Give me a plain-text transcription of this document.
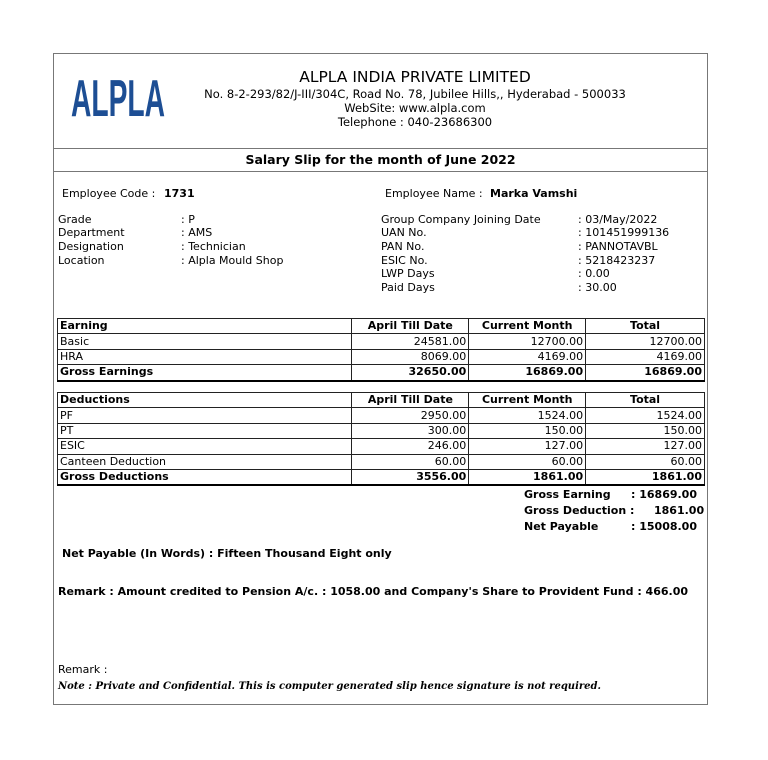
ALPLA	ALPLA INDIA PRIVATE LIMITED
No. 8-2-293/82/J-III/304C, Road No. 78, Jubilee Hills,, Hyderabad - 500033
WebSite: www.alpla.com
Telephone : 040-23686300
Salary Slip for the month of June 2022
Employee Code : 1731	Employee Name : Marka Vamshi
Grade	: P
Department	: AMS
Designation	: Technician
Location	: Alpla Mould Shop
Group Company Joining Date	: 03/May/2022
UAN No.	: 101451999136
PAN No.	: PANNOTAVBL
ESIC No.	: 5218423237
LWP Days	: 0.00
Paid Days	: 30.00
Earning	April Till Date	Current Month	Total
Basic	24581.00	12700.00	12700.00
HRA	8069.00	4169.00	4169.00
Gross Earnings	32650.00	16869.00	16869.00
Deductions	April Till Date	Current Month	Total
PF	2950.00	1524.00	1524.00
PT	300.00	150.00	150.00
ESIC	246.00	127.00	127.00
Canteen Deduction	60.00	60.00	60.00
Gross Deductions	3556.00	1861.00	1861.00
Gross Earning : 16869.00
Gross Deduction : 1861.00
Net Payable	: 15008.00
Net Payable (In Words) : Fifteen Thousand Eight only
Remark : Amount credited to Pension A/c. : 1058.00 and Company's Share to Provident Fund : 466.00
Remark :
Note : Private and Confidential. This is computer generated slip hence signature is not required.
